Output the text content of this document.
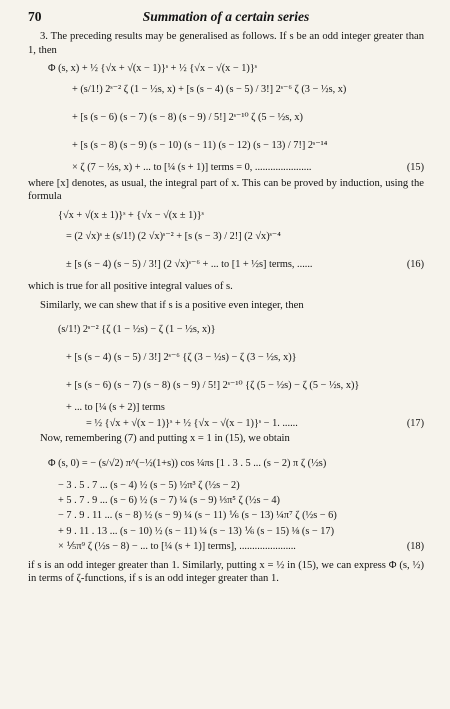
70	Summation of a certain series

3. The preceding results may be generalised as follows. If s be an odd integer greater than 1, then

Φ (s, x) + ½ {√x + √(x − 1)}ˢ + ½ {√x − √(x − 1)}ˢ
+ (s/1!) 2ˢ⁻² ζ (1 − ½s, x) + [s (s − 4) (s − 5) / 3!] 2ˢ⁻⁶ ζ (3 − ½s, x)
+ [s (s − 6) (s − 7) (s − 8) (s − 9) / 5!] 2ˢ⁻¹⁰ ζ (5 − ½s, x)
+ [s (s − 8) (s − 9) (s − 10) (s − 11) (s − 12) (s − 13) / 7!] 2ˢ⁻¹⁴
× ζ (7 − ½s, x) + ... to [¼ (s + 1)] terms = 0, ......................	(15)

where [x] denotes, as usual, the integral part of x. This can be proved by induction, using the formula

{√x + √(x ± 1)}ˢ + {√x − √(x ± 1)}ˢ
= (2 √x)ˢ ± (s/1!) (2 √x)ˢ⁻² + [s (s − 3) / 2!] (2 √x)ˢ⁻⁴
± [s (s − 4) (s − 5) / 3!] (2 √x)ˢ⁻⁶ + ... to [1 + ½s] terms, ......	(16)

which is true for all positive integral values of s.

Similarly, we can shew that if s is a positive even integer, then

(s/1!) 2ˢ⁻² {ζ (1 − ½s) − ζ (1 − ½s, x)}
+ [s (s − 4) (s − 5) / 3!] 2ˢ⁻⁶ {ζ (3 − ½s) − ζ (3 − ½s, x)}
+ [s (s − 6) (s − 7) (s − 8) (s − 9) / 5!] 2ˢ⁻¹⁰ {ζ (5 − ½s) − ζ (5 − ½s, x)}
+ ... to [¼ (s + 2)] terms
= ½ {√x + √(x − 1)}ˢ + ½ {√x − √(x − 1)}ˢ − 1. ......	(17)

Now, remembering (7) and putting x = 1 in (15), we obtain

Φ (s, 0) = − (s/√2) π^(−½(1+s)) cos ¼πs [1 . 3 . 5 ... (s − 2) π ζ (½s)
− 3 . 5 . 7 ... (s − 4) ½ (s − 5) ½π³ ζ (½s − 2)
+ 5 . 7 . 9 ... (s − 6) ½ (s − 7) ¼ (s − 9) ⅓π⁵ ζ (½s − 4)
− 7 . 9 . 11 ... (s − 8) ½ (s − 9) ¼ (s − 11) ⅙ (s − 13) ¼π⁷ ζ (½s − 6)
+ 9 . 11 . 13 ... (s − 10) ½ (s − 11) ¼ (s − 13) ⅙ (s − 15) ⅛ (s − 17)
× ⅕π⁹ ζ (½s − 8) − ... to [¼ (s + 1)] terms], ......................	(18)

if s is an odd integer greater than 1. Similarly, putting x = ½ in (15), we can express Φ (s, ½) in terms of ζ-functions, if s is an odd integer greater than 1.
